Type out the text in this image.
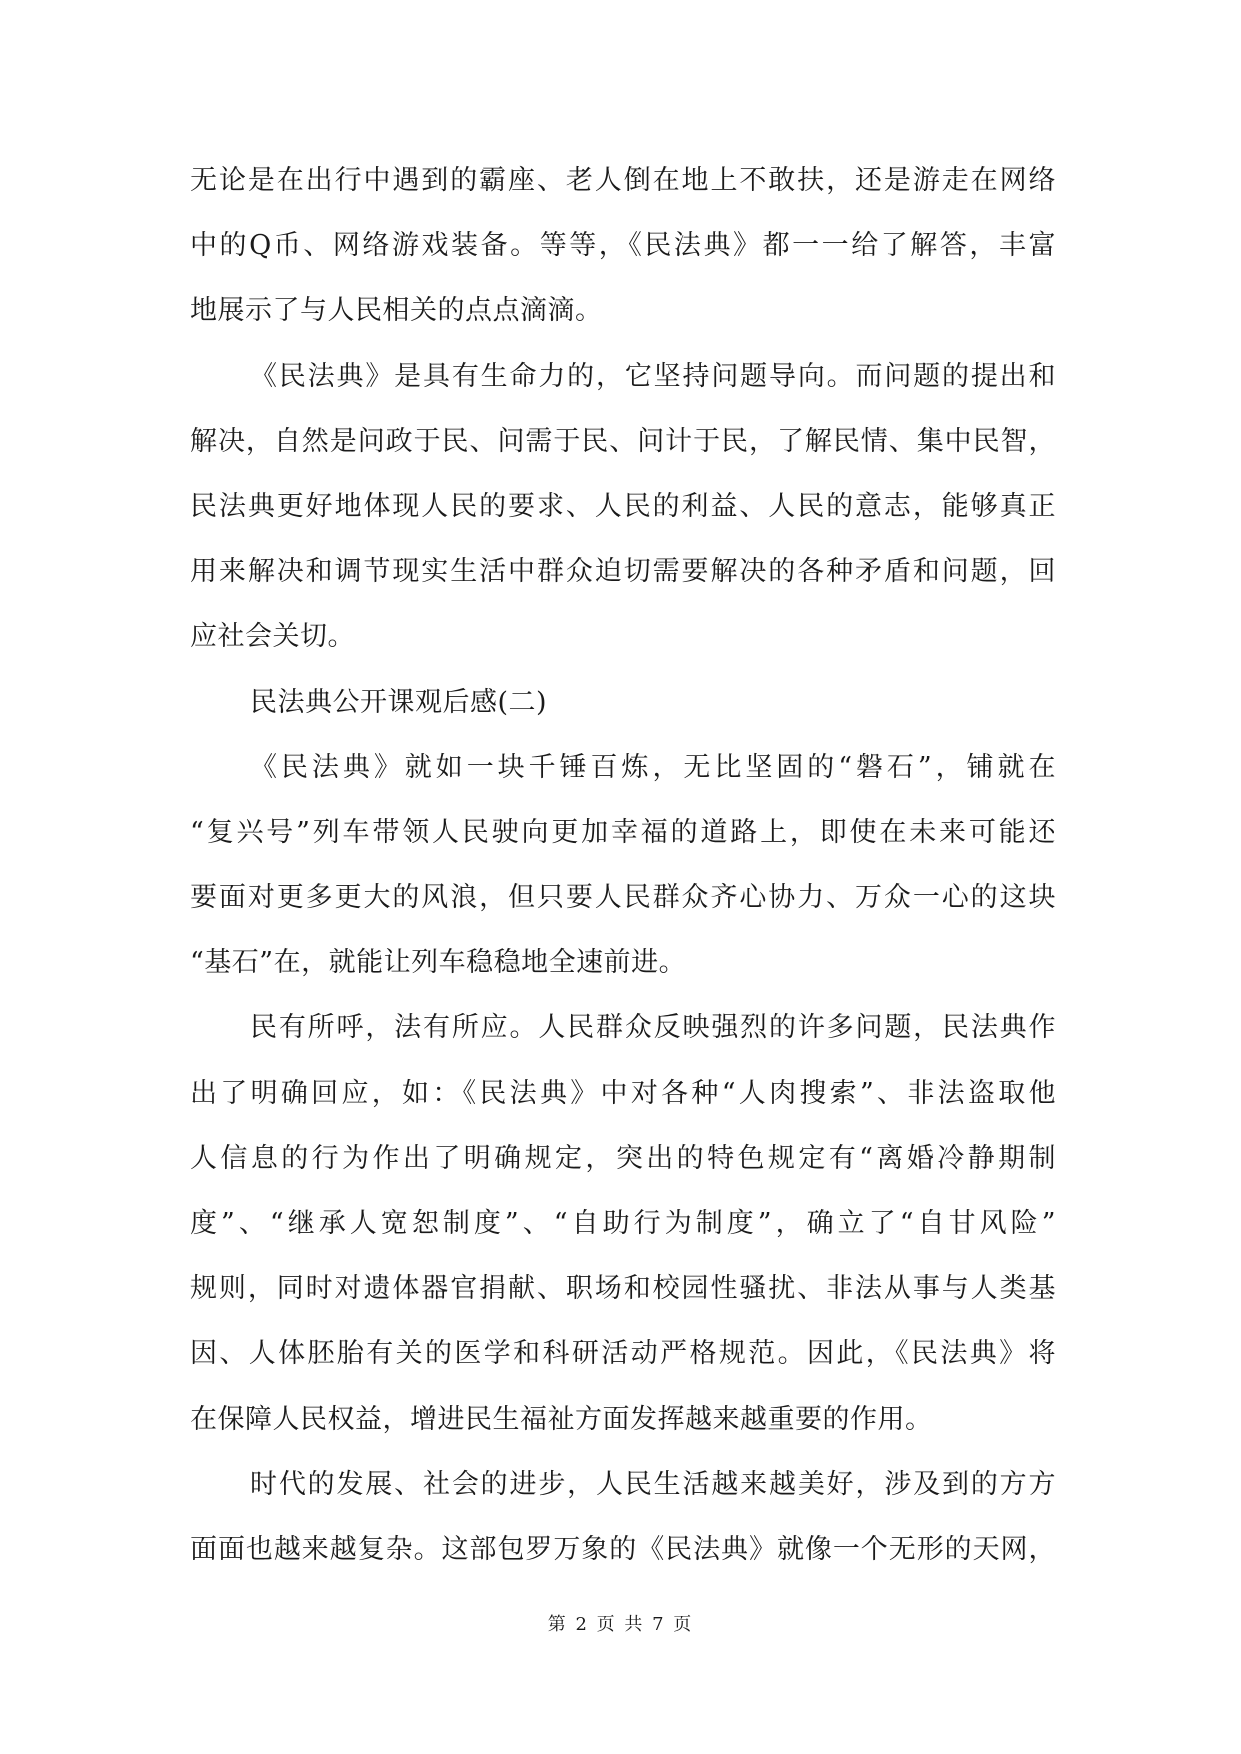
无论是在出行中遇到的霸座、老人倒在地上不敢扶，还是游走在网络
中的Q币、网络游戏装备。等等，《民法典》都一一给了解答，丰富
地展示了与人民相关的点点滴滴。
《民法典》是具有生命力的，它坚持问题导向。而问题的提出和
解决，自然是问政于民、问需于民、问计于民，了解民情、集中民智，
民法典更好地体现人民的要求、人民的利益、人民的意志，能够真正
用来解决和调节现实生活中群众迫切需要解决的各种矛盾和问题，回
应社会关切。
民法典公开课观后感(二)
《民法典》就如一块千锤百炼，无比坚固的“磐石”，铺就在
“复兴号”列车带领人民驶向更加幸福的道路上，即使在未来可能还
要面对更多更大的风浪，但只要人民群众齐心协力、万众一心的这块
“基石”在，就能让列车稳稳地全速前进。
民有所呼，法有所应。人民群众反映强烈的许多问题，民法典作
出了明确回应，如：《民法典》中对各种“人肉搜索”、非法盗取他
人信息的行为作出了明确规定，突出的特色规定有“离婚冷静期制
度”、“继承人宽恕制度”、“自助行为制度”，确立了“自甘风险”
规则，同时对遗体器官捐献、职场和校园性骚扰、非法从事与人类基
因、人体胚胎有关的医学和科研活动严格规范。因此，《民法典》将
在保障人民权益，增进民生福祉方面发挥越来越重要的作用。
时代的发展、社会的进步，人民生活越来越美好，涉及到的方方
面面也越来越复杂。这部包罗万象的《民法典》就像一个无形的天网，
第 2 页 共 7 页
